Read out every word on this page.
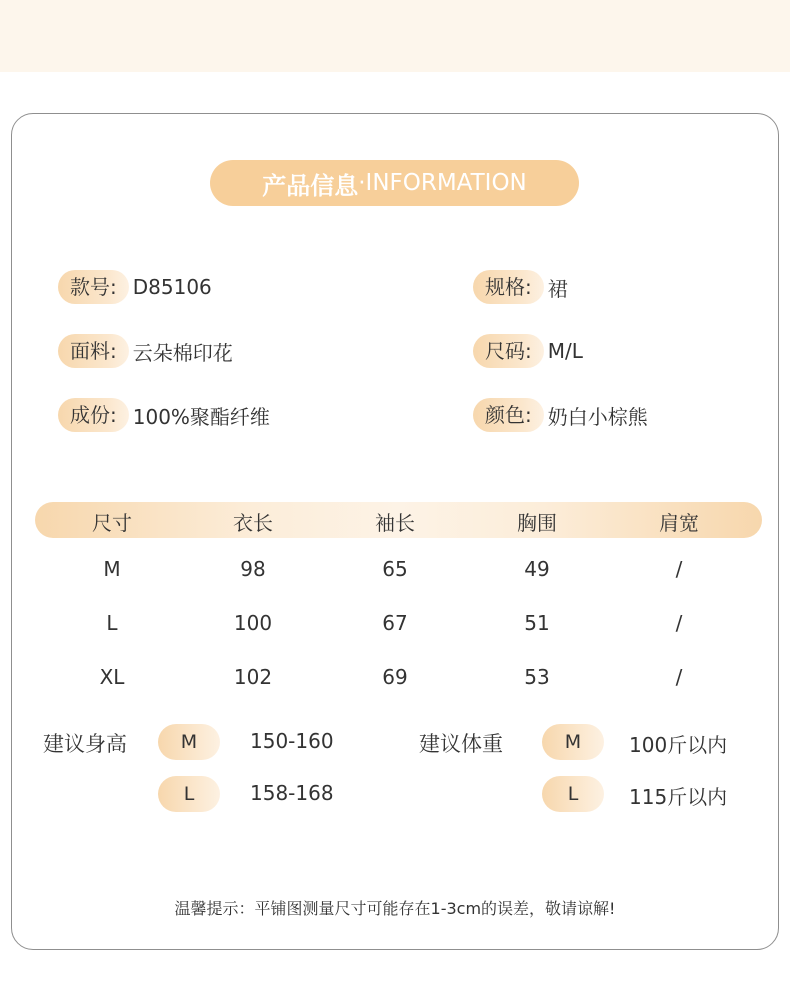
产品信息 · INFORMATION
款号: D85106	规格: 裙
面料: 云朵棉印花	尺码: M/L
成份: 100%聚酯纤维	颜色: 奶白小棕熊
尺寸	衣长	袖长	胸围	肩宽
M	98	65	49	/
L	100	67	51	/
XL	102	69	53	/
建议身高	M	150-160
L	158-168
建议体重	M	100斤以内
L	115斤以内
温馨提示：平铺图测量尺寸可能存在1-3cm的误差，敬请谅解!
